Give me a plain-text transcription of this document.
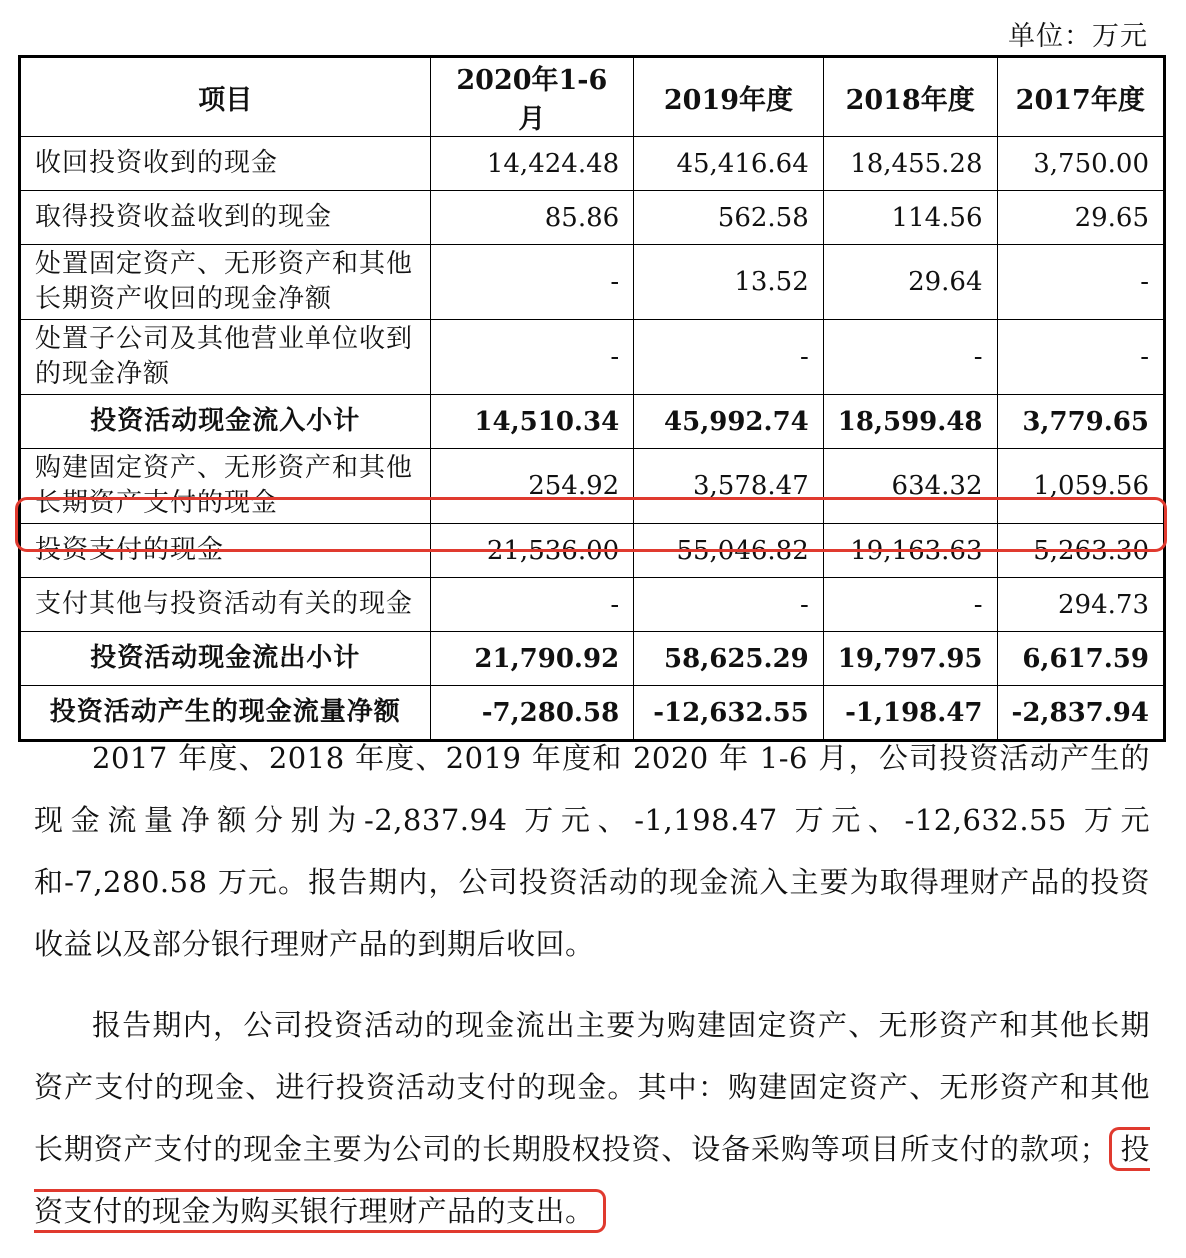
单位：万元
项目	2020年1-6月	2019年度	2018年度	2017年度
收回投资收到的现金	14,424.48	45,416.64	18,455.28	3,750.00
取得投资收益收到的现金	85.86	562.58	114.56	29.65
处置固定资产、无形资产和其他长期资产收回的现金净额	-	13.52	29.64	-
处置子公司及其他营业单位收到的现金净额	-	-	-	-
投资活动现金流入小计	14,510.34	45,992.74	18,599.48	3,779.65
购建固定资产、无形资产和其他长期资产支付的现金	254.92	3,578.47	634.32	1,059.56
投资支付的现金	21,536.00	55,046.82	19,163.63	5,263.30
支付其他与投资活动有关的现金	-	-	-	294.73
投资活动现金流出小计	21,790.92	58,625.29	19,797.95	6,617.59
投资活动产生的现金流量净额	-7,280.58	-12,632.55	-1,198.47	-2,837.94

2017 年度、2018 年度、2019 年度和 2020 年 1-6 月，公司投资活动产生的现金流量净额分别为-2,837.94 万元、-1,198.47 万元、-12,632.55 万元和-7,280.58 万元。报告期内，公司投资活动的现金流入主要为取得理财产品的投资收益以及部分银行理财产品的到期后收回。

报告期内，公司投资活动的现金流出主要为购建固定资产、无形资产和其他长期资产支付的现金、进行投资活动支付的现金。其中：购建固定资产、无形资产和其他长期资产支付的现金主要为公司的长期股权投资、设备采购等项目所支付的款项； 投资支付的现金为购买银行理财产品的支出。
